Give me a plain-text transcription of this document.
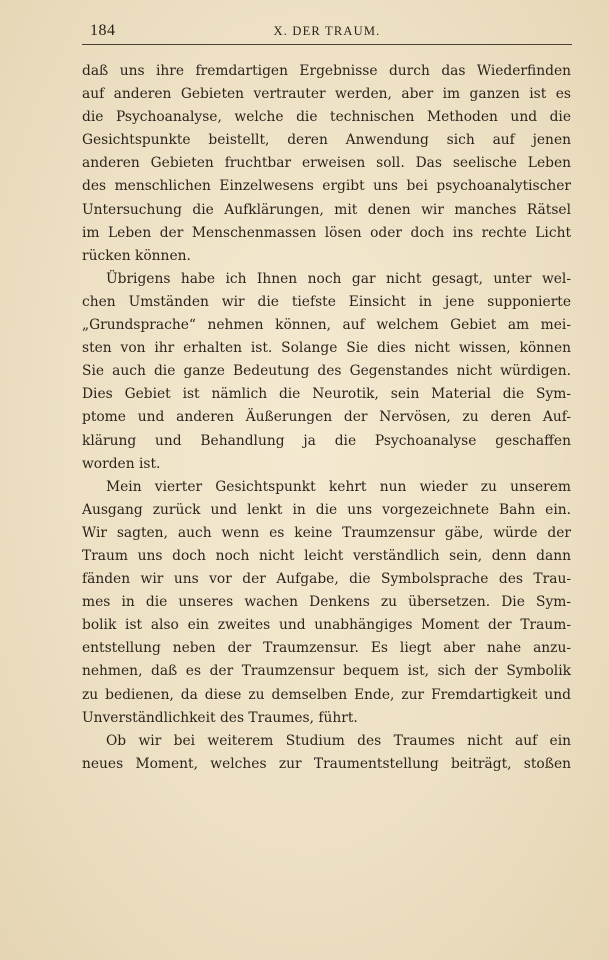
184	X. DER TRAUM.
daß uns ihre fremdartigen Ergebnisse durch das Wiederfinden
auf anderen Gebieten vertrauter werden, aber im ganzen ist es
die Psychoanalyse, welche die technischen Methoden und die
Gesichtspunkte beistellt, deren Anwendung sich auf jenen
anderen Gebieten fruchtbar erweisen soll. Das seelische Leben
des menschlichen Einzelwesens ergibt uns bei psychoanalytischer
Untersuchung die Aufklärungen, mit denen wir manches Rätsel
im Leben der Menschenmassen lösen oder doch ins rechte Licht
rücken können.
Übrigens habe ich Ihnen noch gar nicht gesagt, unter wel-
chen Umständen wir die tiefste Einsicht in jene supponierte
„Grundsprache“ nehmen können, auf welchem Gebiet am mei-
sten von ihr erhalten ist. Solange Sie dies nicht wissen, können
Sie auch die ganze Bedeutung des Gegenstandes nicht würdigen.
Dies Gebiet ist nämlich die Neurotik, sein Material die Sym-
ptome und anderen Äußerungen der Nervösen, zu deren Auf-
klärung und Behandlung ja die Psychoanalyse geschaffen
worden ist.
Mein vierter Gesichtspunkt kehrt nun wieder zu unserem
Ausgang zurück und lenkt in die uns vorgezeichnete Bahn ein.
Wir sagten, auch wenn es keine Traumzensur gäbe, würde der
Traum uns doch noch nicht leicht verständlich sein, denn dann
fänden wir uns vor der Aufgabe, die Symbolsprache des Trau-
mes in die unseres wachen Denkens zu übersetzen. Die Sym-
bolik ist also ein zweites und unabhängiges Moment der Traum-
entstellung neben der Traumzensur. Es liegt aber nahe anzu-
nehmen, daß es der Traumzensur bequem ist, sich der Symbolik
zu bedienen, da diese zu demselben Ende, zur Fremdartigkeit und
Unverständlichkeit des Traumes, führt.
Ob wir bei weiterem Studium des Traumes nicht auf ein
neues Moment, welches zur Traumentstellung beiträgt, stoßen
